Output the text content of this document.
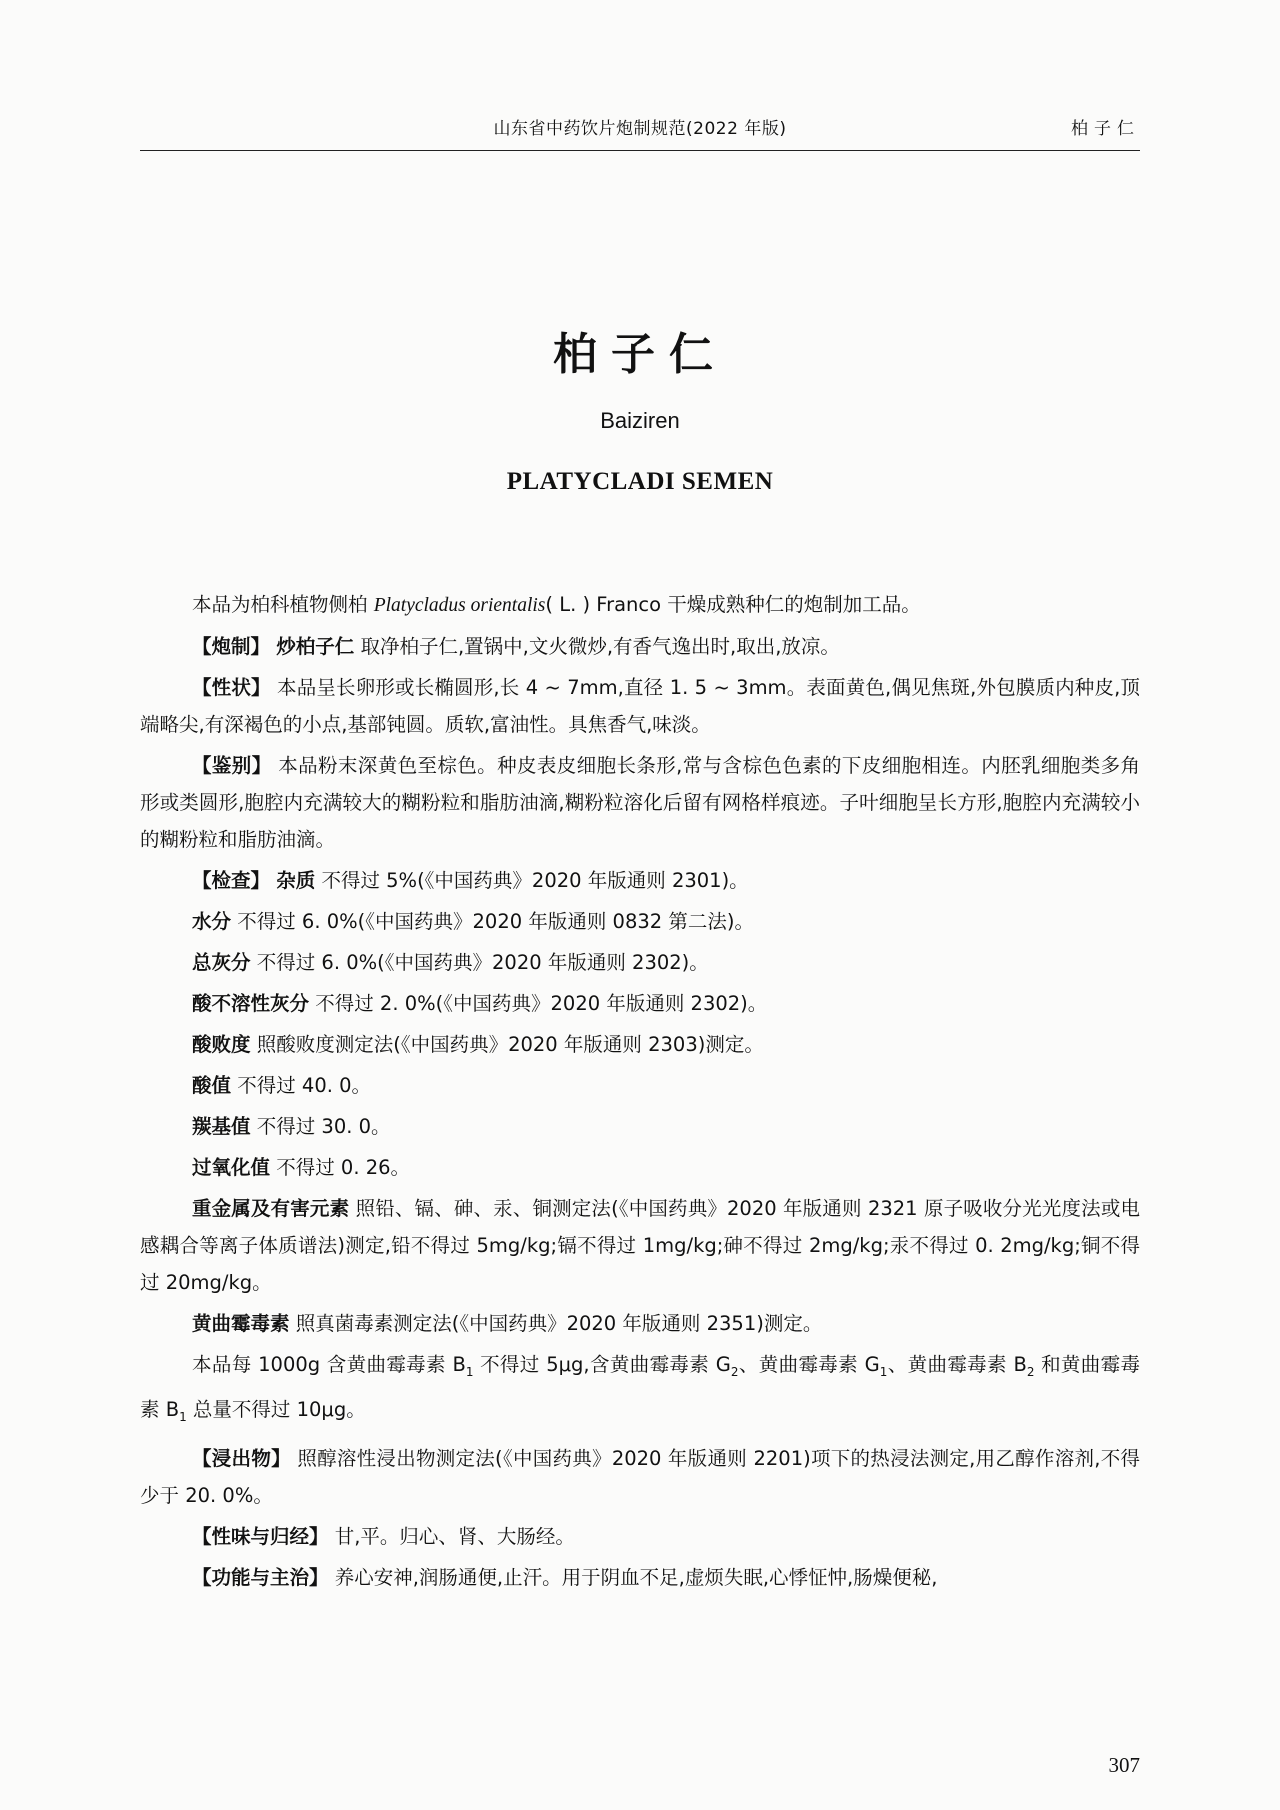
山东省中药饮片炮制规范(2022 年版)	柏子仁
柏子仁
Baiziren
PLATYCLADI SEMEN

本品为柏科植物侧柏 Platycladus orientalis( L. ) Franco 干燥成熟种仁的炮制加工品。

【炮制】 炒柏子仁 取净柏子仁,置锅中,文火微炒,有香气逸出时,取出,放凉。

【性状】 本品呈长卵形或长椭圆形,长 4 ~ 7mm,直径 1. 5 ~ 3mm。表面黄色,偶见焦斑,外包膜质内种皮,顶端略尖,有深褐色的小点,基部钝圆。质软,富油性。具焦香气,味淡。

【鉴别】 本品粉末深黄色至棕色。种皮表皮细胞长条形,常与含棕色色素的下皮细胞相连。内胚乳细胞类多角形或类圆形,胞腔内充满较大的糊粉粒和脂肪油滴,糊粉粒溶化后留有网格样痕迹。子叶细胞呈长方形,胞腔内充满较小的糊粉粒和脂肪油滴。

【检查】 杂质 不得过 5%(《中国药典》2020 年版通则 2301)。

水分 不得过 6. 0%(《中国药典》2020 年版通则 0832 第二法)。

总灰分 不得过 6. 0%(《中国药典》2020 年版通则 2302)。

酸不溶性灰分 不得过 2. 0%(《中国药典》2020 年版通则 2302)。

酸败度 照酸败度测定法(《中国药典》2020 年版通则 2303)测定。

酸值 不得过 40. 0。

羰基值 不得过 30. 0。

过氧化值 不得过 0. 26。

重金属及有害元素 照铅、镉、砷、汞、铜测定法(《中国药典》2020 年版通则 2321 原子吸收分光光度法或电感耦合等离子体质谱法)测定,铅不得过 5mg/kg;镉不得过 1mg/kg;砷不得过 2mg/kg;汞不得过 0. 2mg/kg;铜不得过 20mg/kg。

黄曲霉毒素 照真菌毒素测定法(《中国药典》2020 年版通则 2351)测定。

本品每 1000g 含黄曲霉毒素 $B_1$ 不得过 5μg,含黄曲霉毒素 $G_2$、黄曲霉毒素 $G_1$、黄曲霉毒素 $B_2$ 和黄曲霉毒素 $B_1$ 总量不得过 10μg。

【浸出物】 照醇溶性浸出物测定法(《中国药典》2020 年版通则 2201)项下的热浸法测定,用乙醇作溶剂,不得少于 20. 0%。

【性味与归经】 甘,平。归心、肾、大肠经。

【功能与主治】 养心安神,润肠通便,止汗。用于阴血不足,虚烦失眠,心悸怔忡,肠燥便秘,

307
